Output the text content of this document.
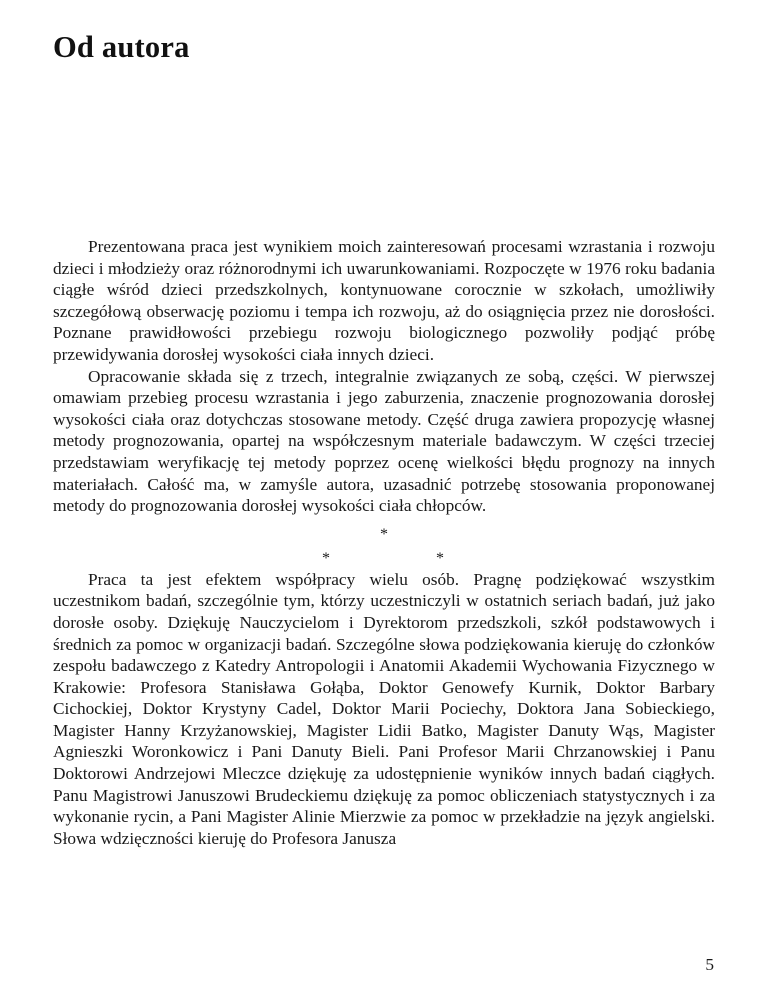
Od autora

Prezentowana praca jest wynikiem moich zainteresowań procesami wzrastania i rozwoju dzieci i młodzieży oraz różnorodnymi ich uwarunkowaniami. Rozpoczęte w 1976 roku badania ciągłe wśród dzieci przedszkolnych, kontynuowane corocznie w szkołach, umożliwiły szczegółową obserwację poziomu i tempa ich rozwoju, aż do osiągnięcia przez nie dorosłości. Poznane prawidłowości przebiegu rozwoju biologicznego pozwoliły podjąć próbę przewidywania dorosłej wysokości ciała innych dzieci.

Opracowanie składa się z trzech, integralnie związanych ze sobą, części. W pierwszej omawiam przebieg procesu wzrastania i jego zaburzenia, znaczenie prognozowania dorosłej wysokości ciała oraz dotychczas stosowane metody. Część druga zawiera propozycję własnej metody prognozowania, opartej na współczesnym materiale badawczym. W części trzeciej przedstawiam weryfikację tej metody poprzez ocenę wielkości błędu prognozy na innych materiałach. Całość ma, w zamyśle autora, uzasadnić potrzebę stosowania proponowanej metody do prognozowania dorosłej wysokości ciała chłopców.

*
*	*

Praca ta jest efektem współpracy wielu osób. Pragnę podziękować wszystkim uczestnikom badań, szczególnie tym, którzy uczestniczyli w ostatnich seriach badań, już jako dorosłe osoby. Dziękuję Nauczycielom i Dyrektorom przedszkoli, szkół podstawowych i średnich za pomoc w organizacji badań. Szczególne słowa podziękowania kieruję do członków zespołu badawczego z Katedry Antropologii i Anatomii Akademii Wychowania Fizycznego w Krakowie: Profesora Stanisława Gołąba, Doktor Genowefy Kurnik, Doktor Barbary Cichockiej, Doktor Krystyny Cadel, Doktor Marii Pociechy, Doktora Jana Sobieckiego, Magister Hanny Krzyżanowskiej, Magister Lidii Batko, Magister Danuty Wąs, Magister Agnieszki Woronkowicz i Pani Danuty Bieli. Pani Profesor Marii Chrzanowskiej i Panu Doktorowi Andrzejowi Mleczce dziękuję za udostępnienie wyników innych badań ciągłych. Panu Magistrowi Januszowi Brudeckiemu dziękuję za pomoc obliczeniach statystycznych i za wykonanie rycin, a Pani Magister Alinie Mierzwie za pomoc w przekładzie na język angielski. Słowa wdzięczności kieruję do Profesora Janusza

5
